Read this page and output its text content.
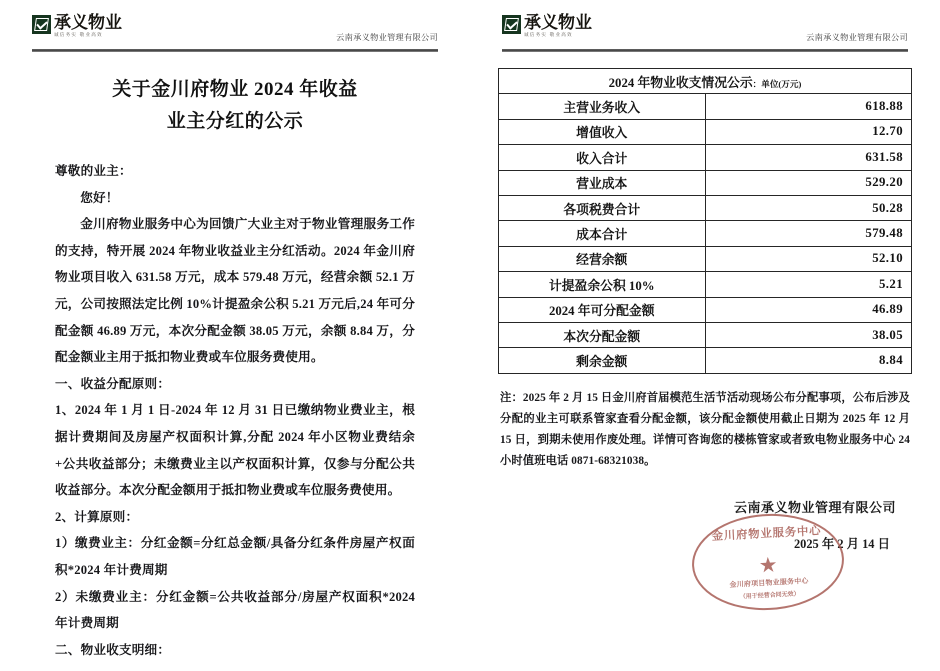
承义物业
诚信务实 敬业高效	云南承义物业管理有限公司
关于金川府物业 2024 年收益
业主分红的公示

尊敬的业主：

您好！

金川府物业服务中心为回馈广大业主对于物业管理服务工作的支持，特开展 2024 年物业收益业主分红活动。2024 年金川府物业项目收入 631.58 万元，成本 579.48 万元，经营余额 52.1 万元，公司按照法定比例 10%计提盈余公积 5.21 万元后,24 年可分配金额 46.89 万元，本次分配金额 38.05 万元，余额 8.84 万，分配金额业主用于抵扣物业费或车位服务费使用。

一、收益分配原则：

1、2024 年 1 月 1 日-2024 年 12 月 31 日已缴纳物业费业主，根据计费期间及房屋产权面积计算,分配 2024 年小区物业费结余+公共收益部分；未缴费业主以产权面积计算，仅参与分配公共收益部分。本次分配金额用于抵扣物业费或车位服务费使用。

2、计算原则：

1）缴费业主：分红金额=分红总金额/具备分红条件房屋产权面积*2024 年计费周期

2）未缴费业主：分红金额=公共收益部分/房屋产权面积*2024 年计费周期

二、物业收支明细：

承义物业
诚信务实 敬业高效	云南承义物业管理有限公司
2024 年物业收支情况公示：单位(万元)	
主营业务收入	618.88
增值收入	12.70
收入合计	631.58
营业成本	529.20
各项税费合计	50.28
成本合计	579.48
经营余额	52.10
计提盈余公积 10%	5.21
2024 年可分配金额	46.89
本次分配金额	38.05
剩余金额	8.84
注：2025 年 2 月 15 日金川府首届模范生活节活动现场公布分配事项，公布后涉及分配的业主可联系管家查看分配金额，该分配金额使用截止日期为 2025 年 12 月 15 日，到期未使用作废处理。详情可咨询您的楼栋管家或者致电物业服务中心 24 小时值班电话 0871-68321038。
云南承义物业管理有限公司
2025 年 2 月 14 日
金川府物业服务中心
★
金川府项目物业服务中心
（用于经营合同无效）
